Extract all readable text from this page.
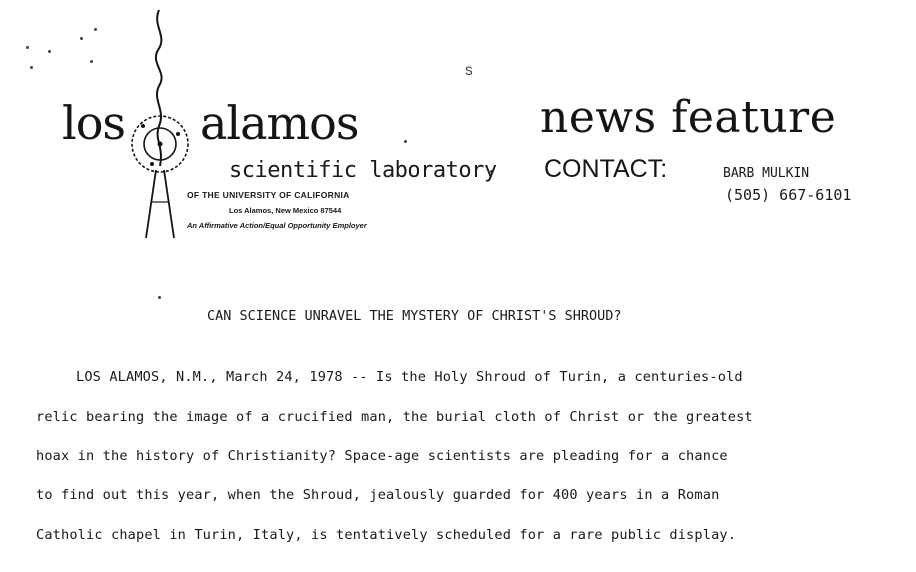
S
los alamos
scientific laboratory
OF THE UNIVERSITY OF CALIFORNIA
Los Alamos, New Mexico 87544
An Affirmative Action/Equal Opportunity Employer
news feature
CONTACT:	BARB MULKIN
(505) 667-6101
CAN SCIENCE UNRAVEL THE MYSTERY OF CHRIST'S SHROUD?
LOS ALAMOS, N.M., March 24, 1978 -- Is the Holy Shroud of Turin, a centuries-old
relic bearing the image of a crucified man, the burial cloth of Christ or the greatest
hoax in the history of Christianity? Space-age scientists are pleading for a chance
to find out this year, when the Shroud, jealously guarded for 400 years in a Roman
Catholic chapel in Turin, Italy, is tentatively scheduled for a rare public display.
